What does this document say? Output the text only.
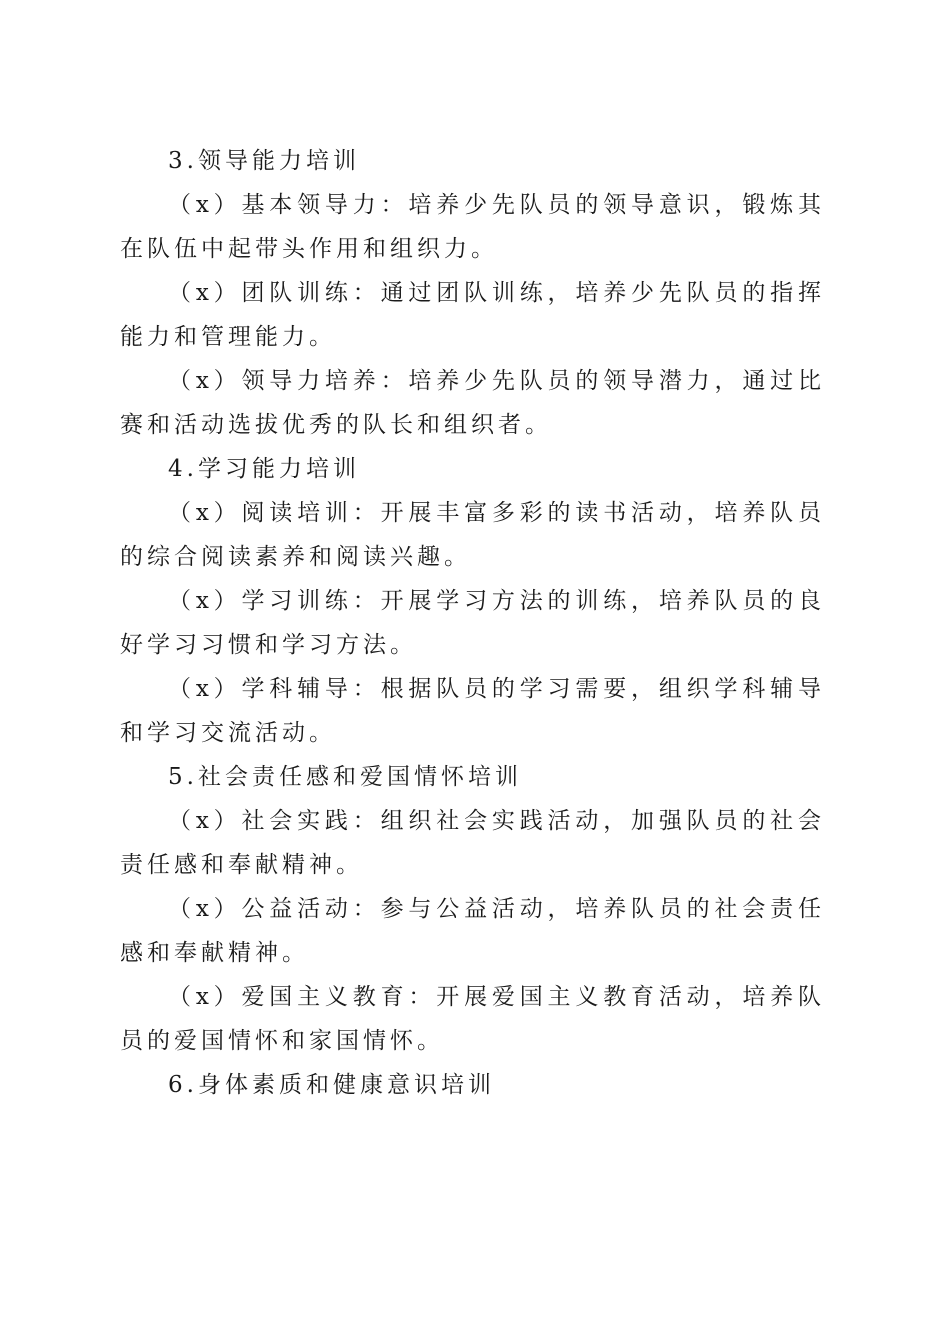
3.领导能力培训

（x）基本领导力：培养少先队员的领导意识，锻炼其在队伍中起带头作用和组织力。

（x）团队训练：通过团队训练，培养少先队员的指挥能力和管理能力。

（x）领导力培养：培养少先队员的领导潜力，通过比赛和活动选拔优秀的队长和组织者。

4.学习能力培训

（x）阅读培训：开展丰富多彩的读书活动，培养队员的综合阅读素养和阅读兴趣。

（x）学习训练：开展学习方法的训练，培养队员的良好学习习惯和学习方法。

（x）学科辅导：根据队员的学习需要，组织学科辅导和学习交流活动。

5.社会责任感和爱国情怀培训

（x）社会实践：组织社会实践活动，加强队员的社会责任感和奉献精神。

（x）公益活动：参与公益活动，培养队员的社会责任感和奉献精神。

（x）爱国主义教育：开展爱国主义教育活动，培养队员的爱国情怀和家国情怀。

6.身体素质和健康意识培训
